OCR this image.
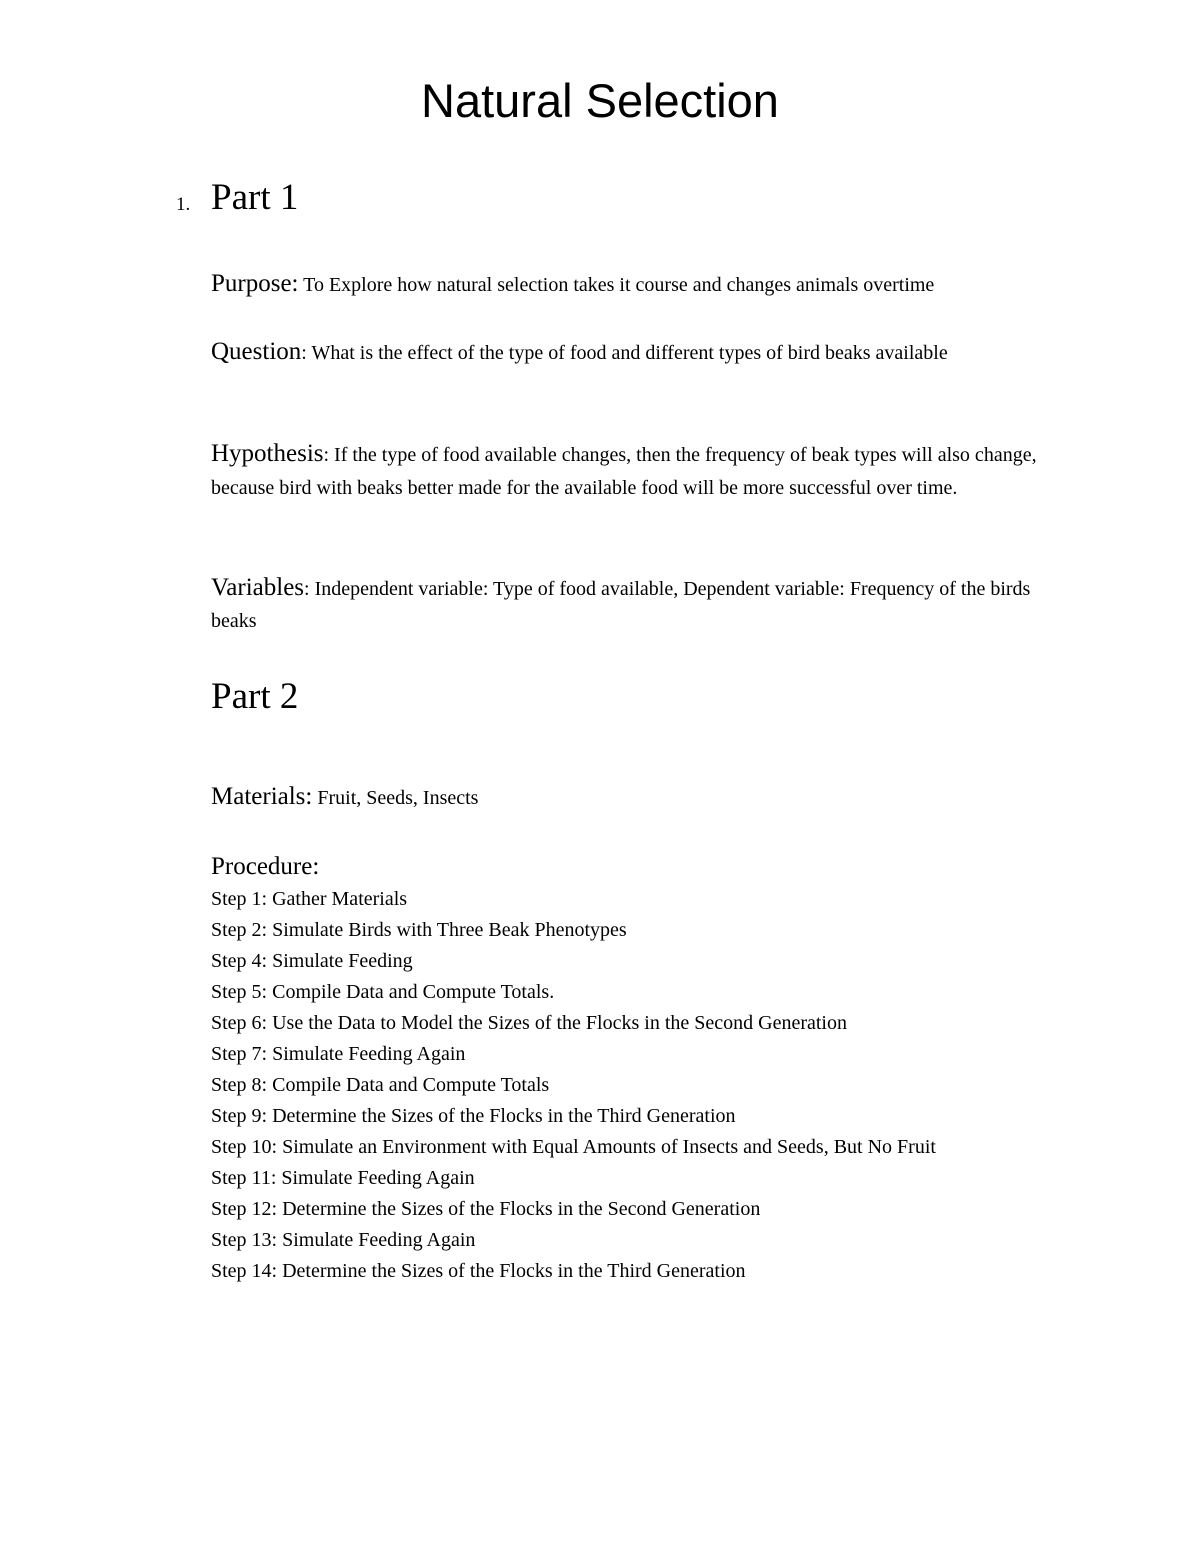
Natural Selection
1. Part 1
Purpose: To Explore how natural selection takes it course and changes animals overtime
Question: What is the effect of the type of food and different types of bird beaks available
Hypothesis: If the type of food available changes, then the frequency of beak types will also change, because bird with beaks better made for the available food will be more successful over time.
Variables: Independent variable: Type of food available, Dependent variable: Frequency of the birds beaks
Part 2
Materials: Fruit, Seeds, Insects
Procedure:
Step 1: Gather Materials
Step 2: Simulate Birds with Three Beak Phenotypes
Step 4: Simulate Feeding
Step 5: Compile Data and Compute Totals.
Step 6: Use the Data to Model the Sizes of the Flocks in the Second Generation
Step 7: Simulate Feeding Again
Step 8: Compile Data and Compute Totals
Step 9: Determine the Sizes of the Flocks in the Third Generation
Step 10: Simulate an Environment with Equal Amounts of Insects and Seeds, But No Fruit
Step 11: Simulate Feeding Again
Step 12: Determine the Sizes of the Flocks in the Second Generation
Step 13: Simulate Feeding Again
Step 14: Determine the Sizes of the Flocks in the Third Generation
